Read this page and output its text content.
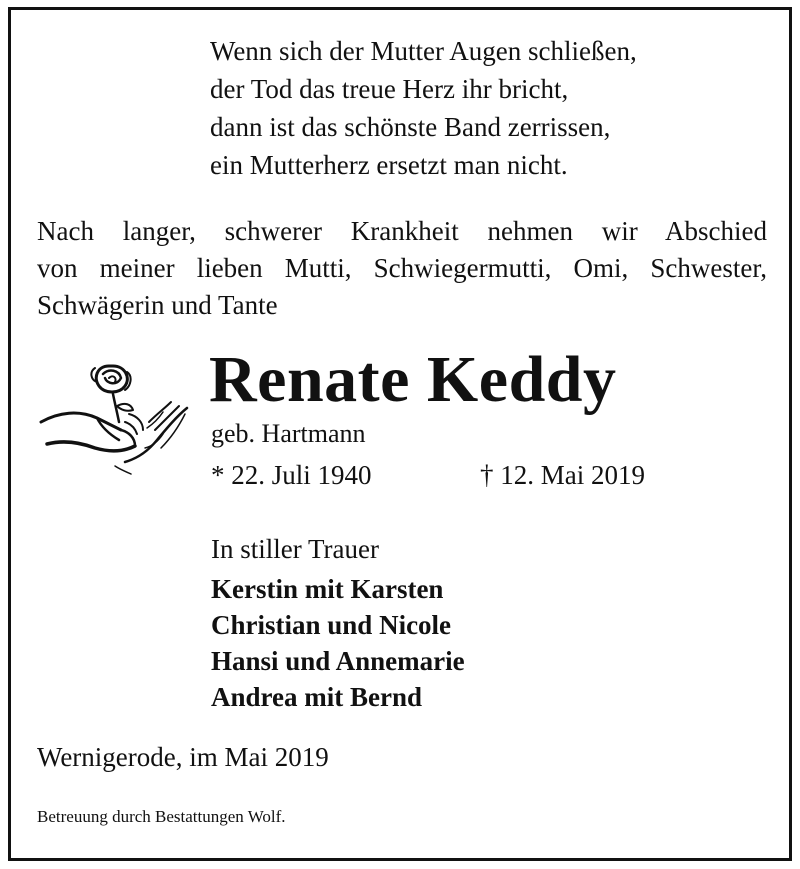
Wenn sich der Mutter Augen schließen,
der Tod das treue Herz ihr bricht,
dann ist das schönste Band zerrissen,
ein Mutterherz ersetzt man nicht.
Nach langer, schwerer Krankheit nehmen wir Abschied
von meiner lieben Mutti, Schwiegermutti, Omi, Schwester,
Schwägerin und Tante
Renate Keddy
geb. Hartmann
* 22. Juli 1940	† 12. Mai 2019
In stiller Trauer
Kerstin mit Karsten
Christian und Nicole
Hansi und Annemarie
Andrea mit Bernd
Wernigerode, im Mai 2019
Betreuung durch Bestattungen Wolf.
